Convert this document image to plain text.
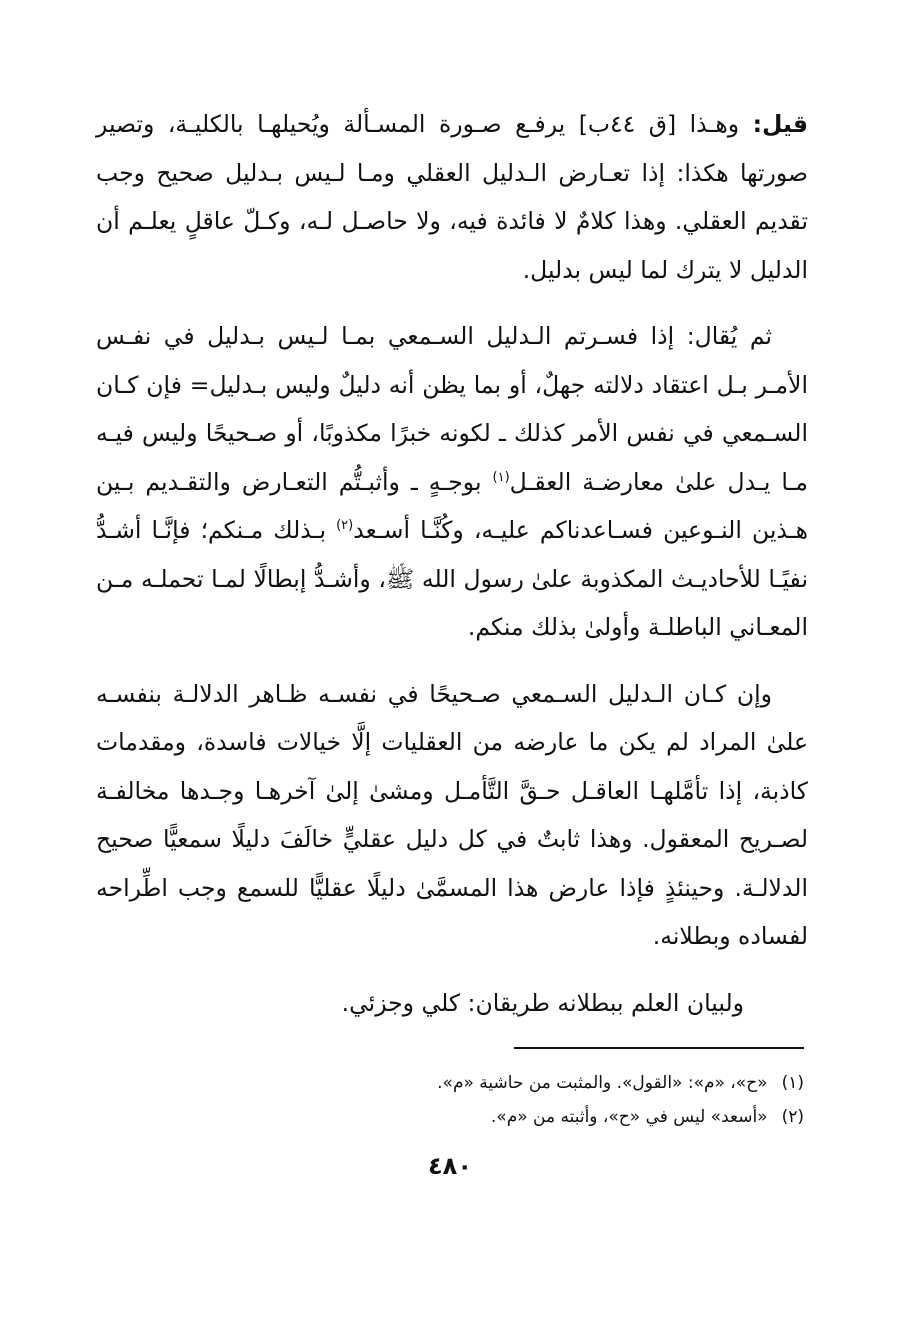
قيل: وهـذا [ق ٤٤ب] يرفـع صـورة المسـألة ويُحيلهـا بالكليـة، وتصير صورتها هكذا: إذا تعـارض الـدليل العقلي ومـا لـيس بـدليل صحيح وجب تقديم العقلي. وهذا كلامٌ لا فائدة فيه، ولا حاصـل لـه، وكـلّ عاقلٍ يعلـم أن الدليل لا يترك لما ليس بدليل.

ثم يُقال: إذا فسـرتم الـدليل السـمعي بمـا لـيس بـدليل في نفـس الأمـر بـل اعتقاد دلالته جهلٌ، أو بما يظن أنه دليلٌ وليس بـدليل= فإن كـان السـمعي في نفس الأمر كذلك ـ لكونه خبرًا مكذوبًا، أو صـحيحًا وليس فيـه مـا يـدل علىٰ معارضـة العقـل$^{(١)}$ بوجـهٍ ـ وأثبـتُّم التعـارض والتقـديم بـين هـذين النـوعين فسـاعدناكم عليـه، وكُنَّـا أسـعد$^{(٢)}$ بـذلك مـنكم؛ فإنَّـا أشـدُّ نفيًـا للأحاديـث المكذوبة علىٰ رسول الله ﷺ، وأشـدُّ إبطالًا لمـا تحملـه مـن المعـاني الباطلـة وأولىٰ بذلك منكم.

وإن كـان الـدليل السـمعي صـحيحًا في نفسـه ظـاهر الدلالـة بنفسـه علىٰ المراد لم يكن ما عارضه من العقليات إلَّا خيالات فاسدة، ومقدمات كاذبة، إذا تأمَّلهـا العاقـل حـقَّ التَّأمـل ومشىٰ إلىٰ آخرهـا وجـدها مخالفـة لصـريح المعقول. وهذا ثابتٌ في كل دليل عقليٍّ خالَفَ دليلًا سمعيًّا صحيح الدلالـة. وحينئذٍ فإذا عارض هذا المسمَّىٰ دليلًا عقليًّا للسمع وجب اطِّراحه لفساده وبطلانه.

ولبيان العلم ببطلانه طريقان: كلي وجزئي.

(١)«ح»، «م»: «القول». والمثبت من حاشية «م».

(٢)«أسعد» ليس في «ح»، وأثبته من «م».

٤٨٠
